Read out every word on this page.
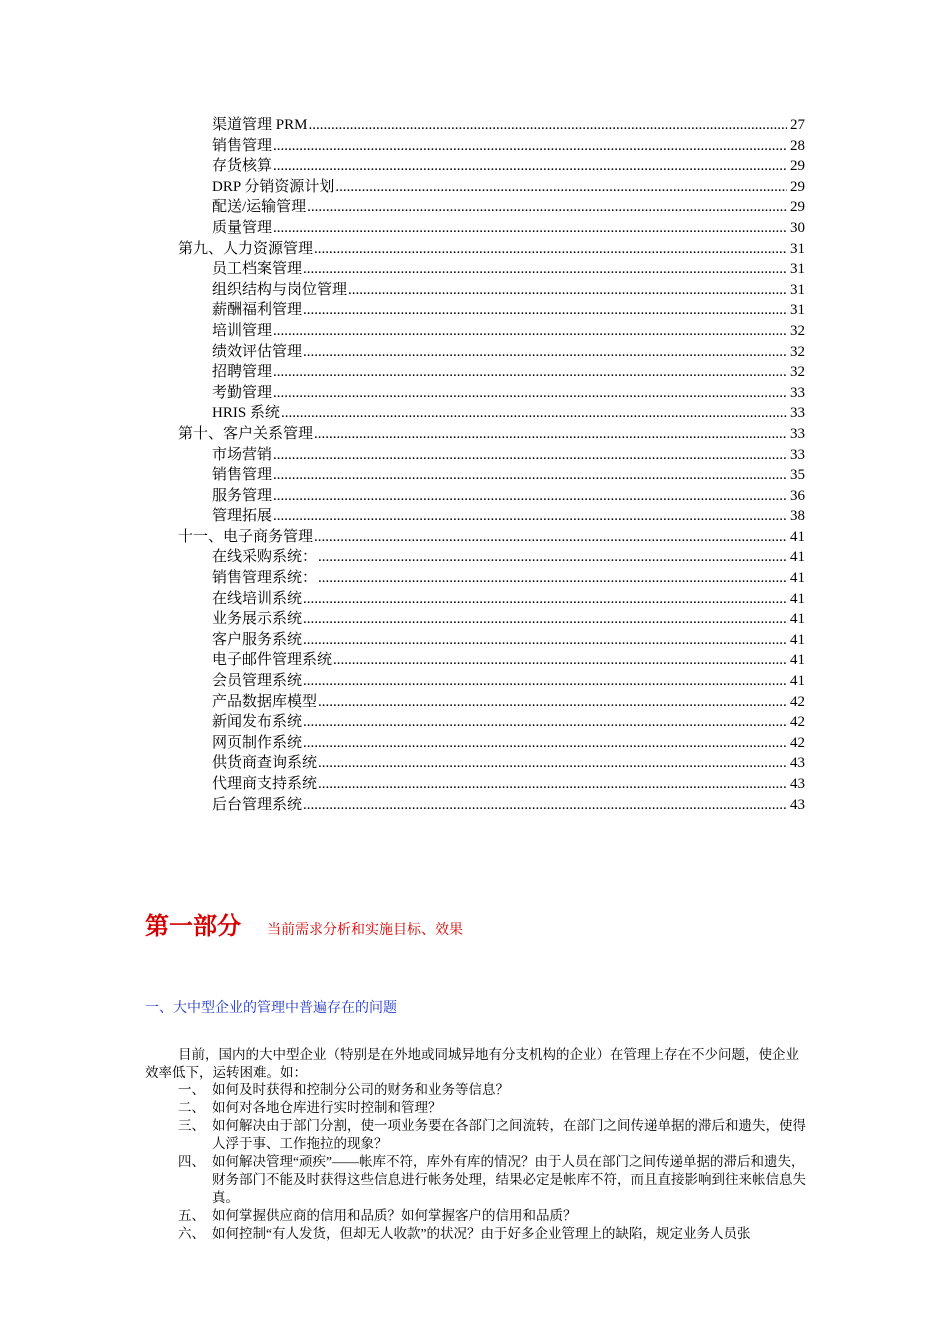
渠道管理 PRM .....	27
销售管理 .....	28
存货核算 .....	29
DRP 分销资源计划 .....	29
配送/运输管理 .....	29
质量管理 .....	30
第九、人力资源管理 .....	31
员工档案管理 .....	31
组织结构与岗位管理 .....	31
薪酬福利管理 .....	31
培训管理 .....	32
绩效评估管理 .....	32
招聘管理 .....	32
考勤管理 .....	33
HRIS 系统 .....	33
第十、客户关系管理 .....	33
市场营销 .....	33
销售管理 .....	35
服务管理 .....	36
管理拓展 .....	38
十一、电子商务管理 .....	41
在线采购系统： .....	41
销售管理系统： .....	41
在线培训系统 .....	41
业务展示系统 .....	41
客户服务系统 .....	41
电子邮件管理系统 .....	41
会员管理系统 .....	41
产品数据库模型 .....	42
新闻发布系统 .....	42
网页制作系统 .....	42
供货商查询系统 .....	43
代理商支持系统 .....	43
后台管理系统 .....	43
第一部分 当前需求分析和实施目标、效果
一、大中型企业的管理中普遍存在的问题
目前，国内的大中型企业（特别是在外地或同城异地有分支机构的企业）在管理上存在不少问题，使企业效率低下，运转困难。如：
一、 如何及时获得和控制分公司的财务和业务等信息？
二、 如何对各地仓库进行实时控制和管理？
三、 如何解决由于部门分割，使一项业务要在各部门之间流转，在部门之间传递单据的滞后和遗失，使得人浮于事、工作拖拉的现象？
四、 如何解决管理“顽疾”——帐库不符，库外有库的情况？由于人员在部门之间传递单据的滞后和遗失，财务部门不能及时获得这些信息进行帐务处理，结果必定是帐库不符，而且直接影响到往来帐信息失真。
五、 如何掌握供应商的信用和品质？如何掌握客户的信用和品质？
六、 如何控制“有人发货，但却无人收款”的状况？由于好多企业管理上的缺陷，规定业务人员张
